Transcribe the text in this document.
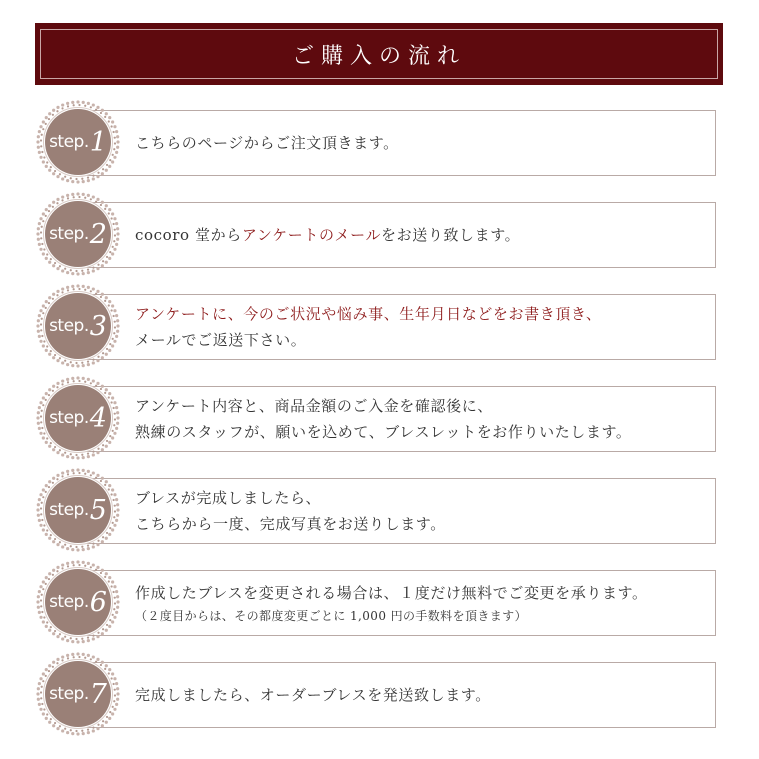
ご購入の流れ
こちらのページからご注文頂きます。
step. 1
cocoro 堂からアンケートのメールをお送り致します。
step. 2
アンケートに、今のご状況や悩み事、生年月日などをお書き頂き、
メールでご返送下さい。
step. 3
アンケート内容と、商品金額のご入金を確認後に、
熟練のスタッフが、願いを込めて、ブレスレットをお作りいたします。
step. 4
ブレスが完成しましたら、
こちらから一度、完成写真をお送りします。
step. 5
作成したブレスを変更される場合は、１度だけ無料でご変更を承ります。
（２度目からは、その都度変更ごとに 1,000 円の手数料を頂きます）
step. 6
完成しましたら、オーダーブレスを発送致します。
step. 7
